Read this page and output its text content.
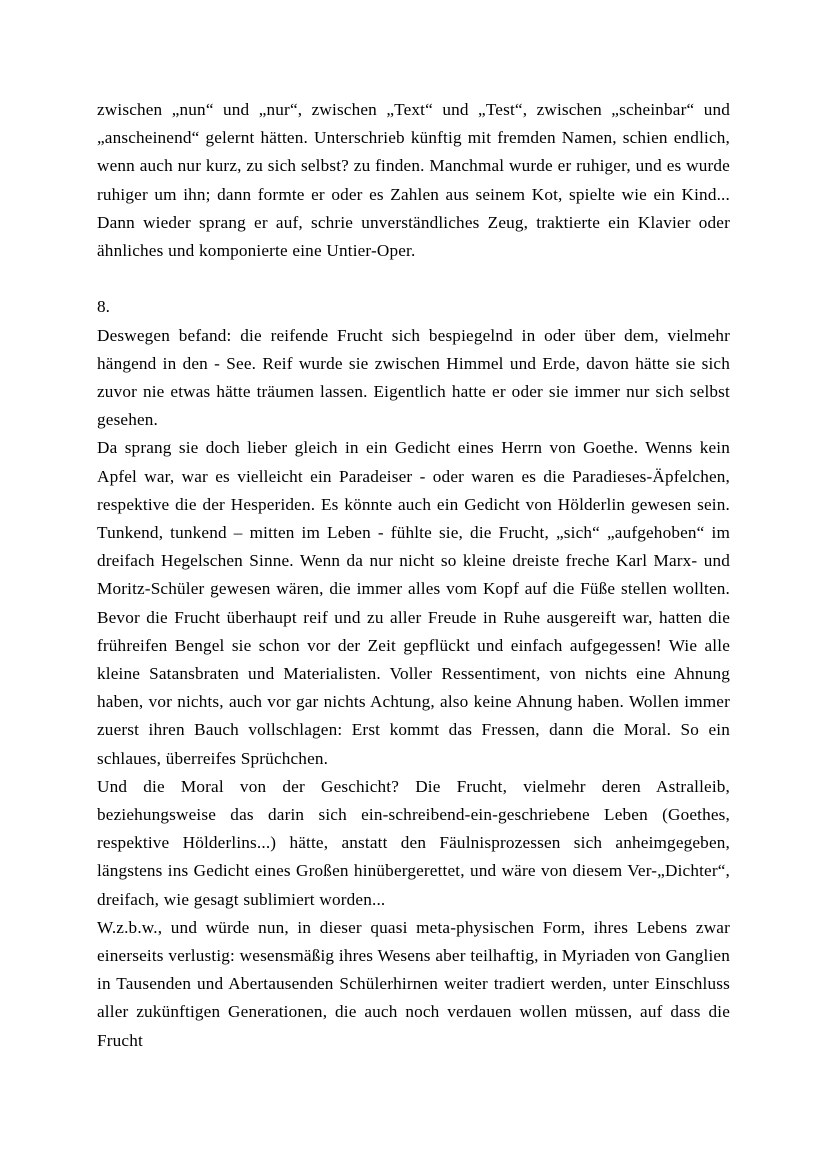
zwischen „nun“ und „nur“, zwischen „Text“ und „Test“, zwischen „scheinbar“ und „anscheinend“ gelernt hätten. Unterschrieb künftig mit fremden Namen, schien endlich, wenn auch nur kurz, zu sich selbst? zu finden. Manchmal wurde er ruhiger, und es wurde ruhiger um ihn; dann formte er oder es Zahlen aus seinem Kot, spielte wie ein Kind... Dann wieder sprang er auf, schrie unverständliches Zeug, traktierte ein Klavier oder ähnliches und komponierte eine Untier-Oper.

8.

Deswegen befand: die reifende Frucht sich bespiegelnd in oder über dem, vielmehr hängend in den - See. Reif wurde sie zwischen Himmel und Erde, davon hätte sie sich zuvor nie etwas hätte träumen lassen. Eigentlich hatte er oder sie immer nur sich selbst gesehen.

Da sprang sie doch lieber gleich in ein Gedicht eines Herrn von Goethe. Wenns kein Apfel war, war es vielleicht ein Paradeiser - oder waren es die Paradieses-Äpfelchen, respektive die der Hesperiden. Es könnte auch ein Gedicht von Hölderlin gewesen sein. Tunkend, tunkend – mitten im Leben - fühlte sie, die Frucht, „sich“ „aufgehoben“ im dreifach Hegelschen Sinne. Wenn da nur nicht so kleine dreiste freche Karl Marx- und Moritz-Schüler gewesen wären, die immer alles vom Kopf auf die Füße stellen wollten. Bevor die Frucht überhaupt reif und zu aller Freude in Ruhe ausgereift war, hatten die frühreifen Bengel sie schon vor der Zeit gepflückt und einfach aufgegessen! Wie alle kleine Satansbraten und Materialisten. Voller Ressentiment, von nichts eine Ahnung haben, vor nichts, auch vor gar nichts Achtung, also keine Ahnung haben. Wollen immer zuerst ihren Bauch vollschlagen: Erst kommt das Fressen, dann die Moral. So ein schlaues, überreifes Sprüchchen.

Und die Moral von der Geschicht? Die Frucht, vielmehr deren Astralleib, beziehungsweise das darin sich ein-schreibend-ein-geschriebene Leben (Goethes, respektive Hölderlins...) hätte, anstatt den Fäulnisprozessen sich anheimgegeben, längstens ins Gedicht eines Großen hinübergerettet, und wäre von diesem Ver-„Dichter“, dreifach, wie gesagt sublimiert worden...

W.z.b.w., und würde nun, in dieser quasi meta-physischen Form, ihres Lebens zwar einerseits verlustig: wesensmäßig ihres Wesens aber teilhaftig, in Myriaden von Ganglien in Tausenden und Abertausenden Schülerhirnen weiter tradiert werden, unter Einschluss aller zukünftigen Generationen, die auch noch verdauen wollen müssen, auf dass die Frucht
